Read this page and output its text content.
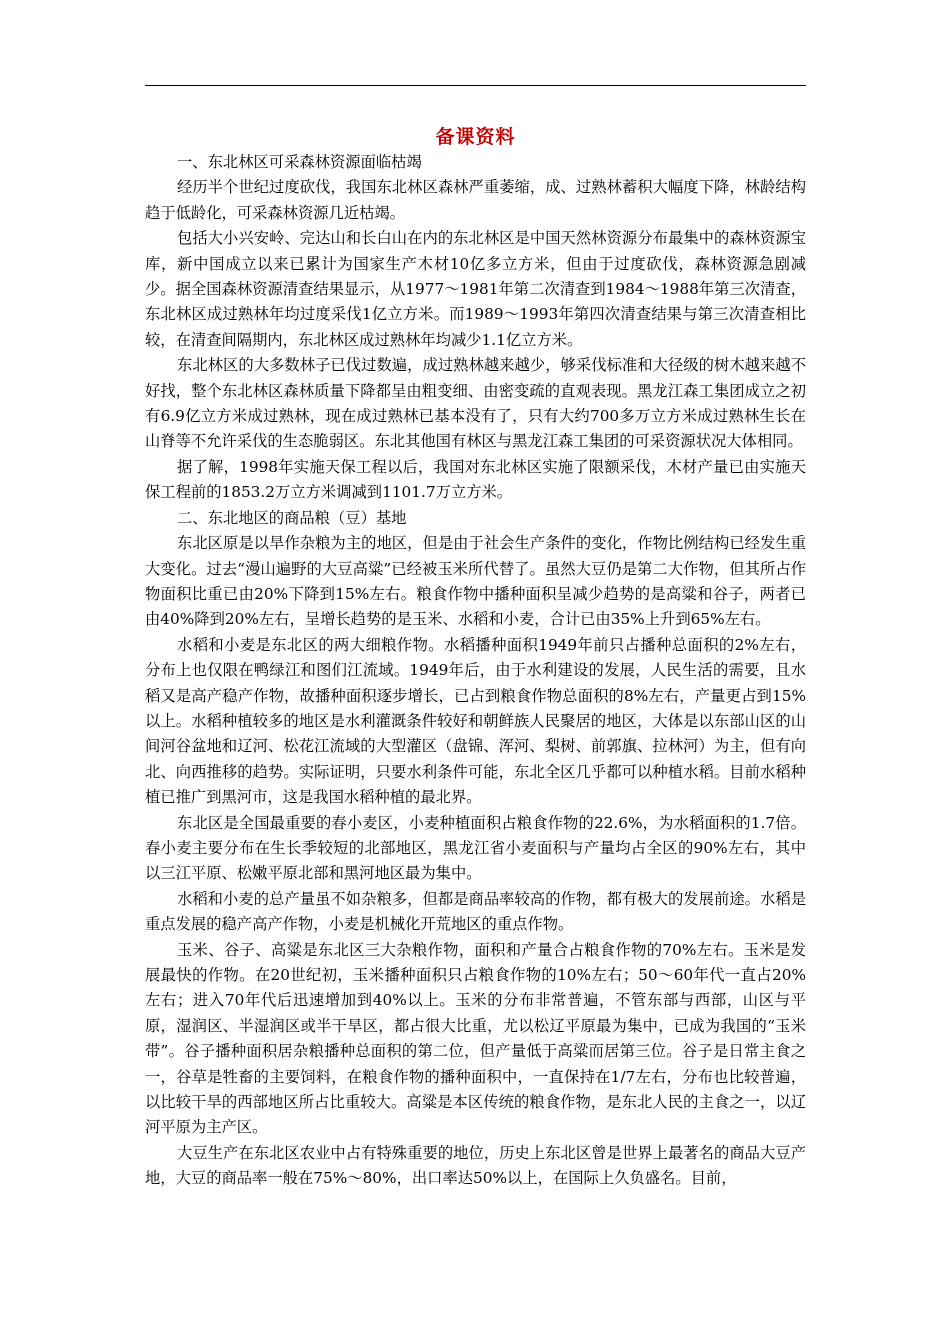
备课资料

一、东北林区可采森林资源面临枯竭

经历半个世纪过度砍伐，我国东北林区森林严重萎缩，成、过熟林蓄积大幅度下降，林龄结构趋于低龄化，可采森林资源几近枯竭。

包括大小兴安岭、完达山和长白山在内的东北林区是中国天然林资源分布最集中的森林资源宝库，新中国成立以来已累计为国家生产木材10亿多立方米，但由于过度砍伐，森林资源急剧减少。据全国森林资源清查结果显示，从1977～1981年第二次清查到1984～1988年第三次清查，东北林区成过熟林年均过度采伐1亿立方米。而1989～1993年第四次清查结果与第三次清查相比较，在清查间隔期内，东北林区成过熟林年均减少1.1亿立方米。

东北林区的大多数林子已伐过数遍，成过熟林越来越少，够采伐标准和大径级的树木越来越不好找，整个东北林区森林质量下降都呈由粗变细、由密变疏的直观表现。黑龙江森工集团成立之初有6.9亿立方米成过熟林，现在成过熟林已基本没有了，只有大约700多万立方米成过熟林生长在山脊等不允许采伐的生态脆弱区。东北其他国有林区与黑龙江森工集团的可采资源状况大体相同。

据了解，1998年实施天保工程以后，我国对东北林区实施了限额采伐，木材产量已由实施天保工程前的1853.2万立方米调减到1101.7万立方米。

二、东北地区的商品粮（豆）基地

东北区原是以旱作杂粮为主的地区，但是由于社会生产条件的变化，作物比例结构已经发生重大变化。过去“漫山遍野的大豆高粱”已经被玉米所代替了。虽然大豆仍是第二大作物，但其所占作物面积比重已由20%下降到15%左右。粮食作物中播种面积呈减少趋势的是高粱和谷子，两者已由40%降到20%左右，呈增长趋势的是玉米、水稻和小麦，合计已由35%上升到65%左右。

水稻和小麦是东北区的两大细粮作物。水稻播种面积1949年前只占播种总面积的2%左右，分布上也仅限在鸭绿江和图们江流域。1949年后，由于水利建设的发展，人民生活的需要，且水稻又是高产稳产作物，故播种面积逐步增长，已占到粮食作物总面积的8%左右，产量更占到15%以上。水稻种植较多的地区是水利灌溉条件较好和朝鲜族人民聚居的地区，大体是以东部山区的山间河谷盆地和辽河、松花江流域的大型灌区（盘锦、浑河、梨树、前郭旗、拉林河）为主，但有向北、向西推移的趋势。实际证明，只要水利条件可能，东北全区几乎都可以种植水稻。目前水稻种植已推广到黑河市，这是我国水稻种植的最北界。

东北区是全国最重要的春小麦区，小麦种植面积占粮食作物的22.6%，为水稻面积的1.7倍。春小麦主要分布在生长季较短的北部地区，黑龙江省小麦面积与产量均占全区的90%左右，其中以三江平原、松嫩平原北部和黑河地区最为集中。

水稻和小麦的总产量虽不如杂粮多，但都是商品率较高的作物，都有极大的发展前途。水稻是重点发展的稳产高产作物，小麦是机械化开荒地区的重点作物。

玉米、谷子、高粱是东北区三大杂粮作物，面积和产量合占粮食作物的70%左右。玉米是发展最快的作物。在20世纪初，玉米播种面积只占粮食作物的10%左右；50～60年代一直占20%左右；进入70年代后迅速增加到40%以上。玉米的分布非常普遍，不管东部与西部，山区与平原，湿润区、半湿润区或半干旱区，都占很大比重，尤以松辽平原最为集中，已成为我国的“玉米带”。谷子播种面积居杂粮播种总面积的第二位，但产量低于高粱而居第三位。谷子是日常主食之一，谷草是牲畜的主要饲料，在粮食作物的播种面积中，一直保持在1/7左右，分布也比较普遍，以比较干旱的西部地区所占比重较大。高粱是本区传统的粮食作物，是东北人民的主食之一，以辽河平原为主产区。

大豆生产在东北区农业中占有特殊重要的地位，历史上东北区曾是世界上最著名的商品大豆产地，大豆的商品率一般在75%～80%，出口率达50%以上，在国际上久负盛名。目前，
